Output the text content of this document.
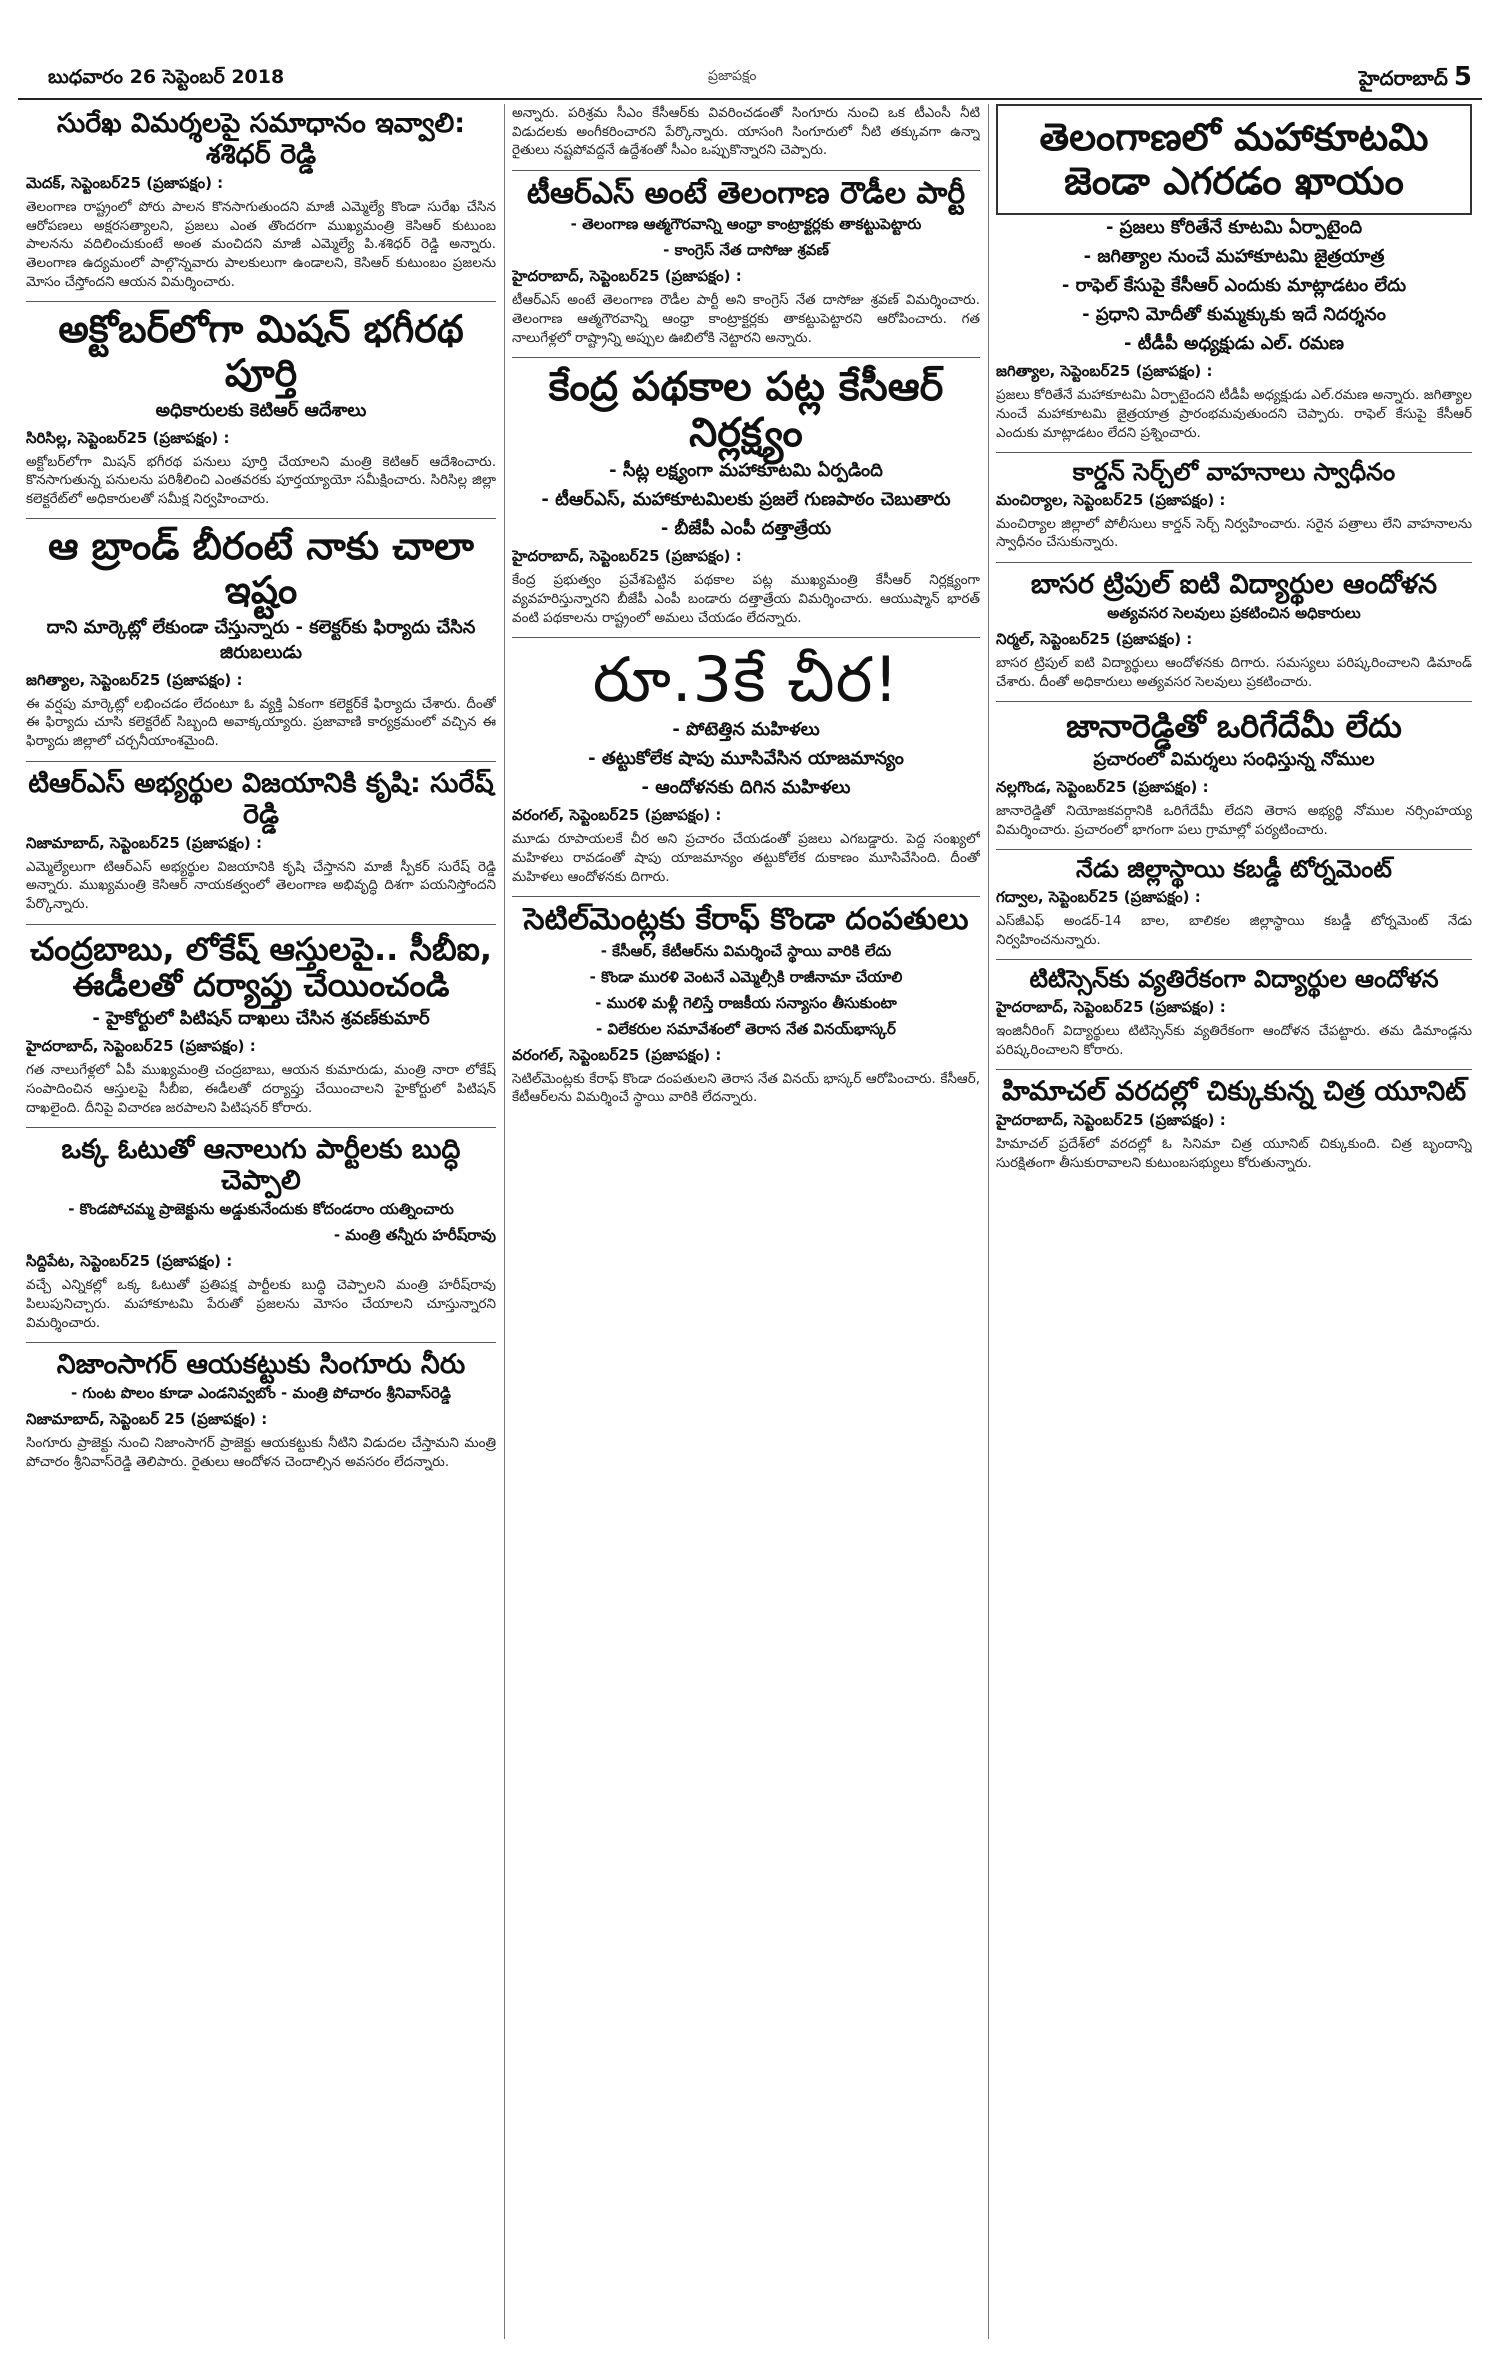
బుధవారం 26 సెప్టెంబర్ 2018	ప్రజాపక్షం	హైదరాబాద్ 5
సురేఖ విమర్శలపై సమాధానం ఇవ్వాలి: శశిధర్ రెడ్డి
మెదక్, సెప్టెంబర్25 (ప్రజాపక్షం) :

తెలంగాణ రాష్ట్రంలో పోరు పాలన కొనసాగుతుందని మాజీ ఎమ్మెల్యే కొండా సురేఖ చేసిన ఆరోపణలు అక్షరసత్యాలని, ప్రజలు ఎంత తొందరగా ముఖ్యమంత్రి కెసిఆర్ కుటుంబ పాలనను వదిలించుకుంటే అంత మంచిదని మాజీ ఎమ్మెల్యే పి.శశిధర్ రెడ్డి అన్నారు. తెలంగాణ ఉద్యమంలో పాల్గొన్నవారు పాలకులుగా ఉండాలని, కెసిఆర్ కుటుంబం ప్రజలను మోసం చేస్తోందని ఆయన విమర్శించారు.

అక్టోబర్‌లోగా మిషన్ భగీరథ పూర్తి
అధికారులకు కెటిఆర్ ఆదేశాలు
సిరిసిల్ల, సెప్టెంబర్25 (ప్రజాపక్షం) :

అక్టోబర్‌లోగా మిషన్ భగీరథ పనులు పూర్తి చేయాలని మంత్రి కెటిఆర్ ఆదేశించారు. కొనసాగుతున్న పనులను పరిశీలించి ఎంతవరకు పూర్తయ్యాయో సమీక్షించారు. సిరిసిల్ల జిల్లా కలెక్టరేట్‌లో అధికారులతో సమీక్ష నిర్వహించారు.

ఆ బ్రాండ్ బీరంటే నాకు చాలా ఇష్టం
దాని మార్కెట్లో లేకుండా చేస్తున్నారు - కలెక్టర్‌కు ఫిర్యాదు చేసిన జిరుబలుడు
జగిత్యాల, సెప్టెంబర్25 (ప్రజాపక్షం) :

ఈ వర్షపు మార్కెట్లో లభించడం లేదంటూ ఓ వ్యక్తి ఏకంగా కలెక్టర్‌కే ఫిర్యాదు చేశారు. దీంతో ఈ ఫిర్యాదు చూసి కలెక్టరేట్ సిబ్బంది అవాక్కయ్యారు. ప్రజావాణి కార్యక్రమంలో వచ్చిన ఈ ఫిర్యాదు జిల్లాలో చర్చనీయాంశమైంది.

టిఆర్ఎస్ అభ్యర్థుల విజయానికి కృషి: సురేష్ రెడ్డి
నిజామాబాద్, సెప్టెంబర్25 (ప్రజాపక్షం) :

ఎమ్మెల్యేలుగా టిఆర్ఎస్ అభ్యర్థుల విజయానికి కృషి చేస్తానని మాజీ స్పీకర్ సురేష్ రెడ్డి అన్నారు. ముఖ్యమంత్రి కెసిఆర్ నాయకత్వంలో తెలంగాణ అభివృద్ధి దిశగా పయనిస్తోందని పేర్కొన్నారు.

చంద్రబాబు, లోకేష్ ఆస్తులపై.. సీబీఐ, ఈడీలతో దర్యాప్తు చేయించండి
- హైకోర్టులో పిటిషన్ దాఖలు చేసిన శ్రవణ్‌కుమార్
హైదరాబాద్, సెప్టెంబర్25 (ప్రజాపక్షం) :

గత నాలుగేళ్లలో ఏపీ ముఖ్యమంత్రి చంద్రబాబు, ఆయన కుమారుడు, మంత్రి నారా లోకేష్ సంపాదించిన ఆస్తులపై సీబీఐ, ఈడీలతో దర్యాప్తు చేయించాలని హైకోర్టులో పిటిషన్ దాఖలైంది. దీనిపై విచారణ జరపాలని పిటిషనర్ కోరారు.

ఒక్క ఓటుతో ఆనాలుగు పార్టీలకు బుద్ధి చెప్పాలి
- కొండపోచమ్మ ప్రాజెక్టును అడ్డుకునేందుకు కోదండరాం యత్నించారు
- మంత్రి తన్నీరు హరీష్‌రావు
సిద్దిపేట, సెప్టెంబర్25 (ప్రజాపక్షం) :

వచ్చే ఎన్నికల్లో ఒక్క ఓటుతో ప్రతిపక్ష పార్టీలకు బుద్ధి చెప్పాలని మంత్రి హరీష్‌రావు పిలుపునిచ్చారు. మహాకూటమి పేరుతో ప్రజలను మోసం చేయాలని చూస్తున్నారని విమర్శించారు.

నిజాంసాగర్ ఆయకట్టుకు సింగూరు నీరు
- గుంట పొలం కూడా ఎండనివ్వబోం - మంత్రి పోచారం శ్రీనివాస్‌రెడ్డి
నిజామాబాద్, సెప్టెంబర్ 25 (ప్రజాపక్షం) :

సింగూరు ప్రాజెక్టు నుంచి నిజాంసాగర్ ప్రాజెక్టు ఆయకట్టుకు నీటిని విడుదల చేస్తామని మంత్రి పోచారం శ్రీనివాస్‌రెడ్డి తెలిపారు. రైతులు ఆందోళన చెందాల్సిన అవసరం లేదన్నారు.

అన్నారు. పరిశ్రమ సీఎం కేసీఆర్‌కు వివరించడంతో సింగూరు నుంచి ఒక టీఎంసీ నీటి విడుదలకు అంగీకరించారని పేర్కొన్నారు. యాసంగి సింగూరులో నీటి తక్కువగా ఉన్నా రైతులు నష్టపోవద్దనే ఉద్దేశంతో సీఎం ఒప్పుకొన్నారని చెప్పారు.

టీఆర్ఎస్ అంటే తెలంగాణ రౌడీల పార్టీ
- తెలంగాణ ఆత్మగౌరవాన్ని ఆంధ్రా కాంట్రాక్టర్లకు తాకట్టుపెట్టారు
- కాంగ్రెస్ నేత దాసోజు శ్రవణ్
హైదరాబాద్, సెప్టెంబర్25 (ప్రజాపక్షం) :

టీఆర్ఎస్ అంటే తెలంగాణ రౌడీల పార్టీ అని కాంగ్రెస్ నేత దాసోజు శ్రవణ్ విమర్శించారు. తెలంగాణ ఆత్మగౌరవాన్ని ఆంధ్రా కాంట్రాక్టర్లకు తాకట్టుపెట్టారని ఆరోపించారు. గత నాలుగేళ్లలో రాష్ట్రాన్ని అప్పుల ఊబిలోకి నెట్టారని అన్నారు.

కేంద్ర పథకాల పట్ల కేసీఆర్ నిర్లక్ష్యం
- సీట్ల లక్ష్యంగా మహాకూటమి ఏర్పడింది
- టీఆర్ఎస్, మహాకూటమిలకు ప్రజలే గుణపాఠం చెబుతారు
- బీజేపీ ఎంపీ దత్తాత్రేయ
హైదరాబాద్, సెప్టెంబర్25 (ప్రజాపక్షం) :

కేంద్ర ప్రభుత్వం ప్రవేశపెట్టిన పథకాల పట్ల ముఖ్యమంత్రి కేసీఆర్ నిర్లక్ష్యంగా వ్యవహరిస్తున్నారని బీజేపీ ఎంపీ బండారు దత్తాత్రేయ విమర్శించారు. ఆయుష్మాన్ భారత్ వంటి పథకాలను రాష్ట్రంలో అమలు చేయడం లేదన్నారు.

రూ.3కే చీర!
- పోటెత్తిన మహిళలు
- తట్టుకోలేక షాపు మూసివేసిన యాజమాన్యం
- ఆందోళనకు దిగిన మహిళలు
వరంగల్, సెప్టెంబర్25 (ప్రజాపక్షం) :

మూడు రూపాయలకే చీర అని ప్రచారం చేయడంతో ప్రజలు ఎగబడ్డారు. పెద్ద సంఖ్యలో మహిళలు రావడంతో షాపు యాజమాన్యం తట్టుకోలేక దుకాణం మూసివేసింది. దీంతో మహిళలు ఆందోళనకు దిగారు.

సెటిల్‌మెంట్లకు కేరాఫ్ కొండా దంపతులు
- కేసీఆర్, కేటీఆర్‌ను విమర్శించే స్థాయి వారికి లేదు
- కొండా మురళి వెంటనే ఎమ్మెల్సీకి రాజీనామా చేయాలి
- మురళి మళ్లీ గెలిస్తే రాజకీయ సన్యాసం తీసుకుంటా
- విలేకరుల సమావేశంలో తెరాస నేత వినయ్‌భాస్కర్
వరంగల్, సెప్టెంబర్25 (ప్రజాపక్షం) :

సెటిల్‌మెంట్లకు కేరాఫ్ కొండా దంపతులని తెరాస నేత వినయ్ భాస్కర్ ఆరోపించారు. కేసీఆర్, కేటీఆర్‌లను విమర్శించే స్థాయి వారికి లేదన్నారు.

తెలంగాణలో మహాకూటమి జెండా ఎగరడం ఖాయం
- ప్రజలు కోరితేనే కూటమి ఏర్పాటైంది
- జగిత్యాల నుంచే మహాకూటమి జైత్రయాత్ర
- రాఫెల్ కేసుపై కేసీఆర్ ఎందుకు మాట్లాడటం లేదు
- ప్రధాని మోదీతో కుమ్మక్కుకు ఇదే నిదర్శనం
- టీడీపీ అధ్యక్షుడు ఎల్. రమణ
జగిత్యాల, సెప్టెంబర్25 (ప్రజాపక్షం) :

ప్రజలు కోరితేనే మహాకూటమి ఏర్పాటైందని టీడీపీ అధ్యక్షుడు ఎల్.రమణ అన్నారు. జగిత్యాల నుంచే మహాకూటమి జైత్రయాత్ర ప్రారంభమవుతుందని చెప్పారు. రాఫెల్ కేసుపై కేసీఆర్ ఎందుకు మాట్లాడటం లేదని ప్రశ్నించారు.

కార్డన్ సెర్చ్‌లో వాహనాలు స్వాధీనం
మంచిర్యాల, సెప్టెంబర్25 (ప్రజాపక్షం) :

మంచిర్యాల జిల్లాలో పోలీసులు కార్డన్ సెర్చ్ నిర్వహించారు. సరైన పత్రాలు లేని వాహనాలను స్వాధీనం చేసుకున్నారు.

బాసర ట్రిపుల్ ఐటి విద్యార్థుల ఆందోళన
అత్యవసర సెలవులు ప్రకటించిన అధికారులు
నిర్మల్, సెప్టెంబర్25 (ప్రజాపక్షం) :

బాసర ట్రిపుల్ ఐటి విద్యార్థులు ఆందోళనకు దిగారు. సమస్యలు పరిష్కరించాలని డిమాండ్ చేశారు. దీంతో అధికారులు అత్యవసర సెలవులు ప్రకటించారు.

జానారెడ్డితో ఒరిగేదేమీ లేదు
ప్రచారంలో విమర్శలు సంధిస్తున్న నోముల
నల్లగొండ, సెప్టెంబర్25 (ప్రజాపక్షం) :

జానారెడ్డితో నియోజకవర్గానికి ఒరిగేదేమీ లేదని తెరాస అభ్యర్థి నోముల నర్సింహయ్య విమర్శించారు. ప్రచారంలో భాగంగా పలు గ్రామాల్లో పర్యటించారు.

నేడు జిల్లాస్థాయి కబడ్డీ టోర్నమెంట్
గద్వాల, సెప్టెంబర్25 (ప్రజాపక్షం) :

ఎస్‌జీఎఫ్ అండర్-14 బాల, బాలికల జిల్లాస్థాయి కబడ్డీ టోర్నమెంట్ నేడు నిర్వహించనున్నారు.

టిటిస్సెన్‌కు వ్యతిరేకంగా విద్యార్థుల ఆందోళన
హైదరాబాద్, సెప్టెంబర్25 (ప్రజాపక్షం) :

ఇంజినీరింగ్ విద్యార్థులు టిటిస్సెన్‌కు వ్యతిరేకంగా ఆందోళన చేపట్టారు. తమ డిమాండ్లను పరిష్కరించాలని కోరారు.

హిమాచల్ వరదల్లో చిక్కుకున్న చిత్ర యూనిట్
హైదరాబాద్, సెప్టెంబర్25 (ప్రజాపక్షం) :

హిమాచల్ ప్రదేశ్‌లో వరదల్లో ఓ సినిమా చిత్ర యూనిట్ చిక్కుకుంది. చిత్ర బృందాన్ని సురక్షితంగా తీసుకురావాలని కుటుంబసభ్యులు కోరుతున్నారు.
